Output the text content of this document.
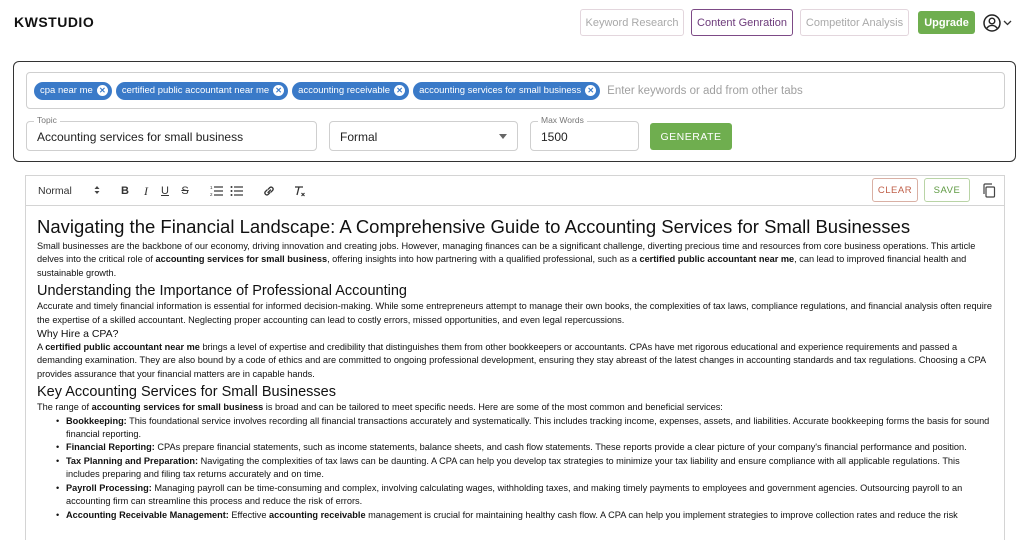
KWSTUDIO	Keyword Research	Content Genration	Competitor Analysis	Upgrade
cpa near me ✕ certified public accountant near me ✕ accounting receivable ✕ accounting services for small business ✕
Enter keywords or add from other tabs
Topic
Accounting services for small business	Formal
Max Words
1500	GENERATE
Normal	B	I	U	S	1
2	CLEAR	SAVE
Navigating the Financial Landscape: A Comprehensive Guide to Accounting Services for Small Businesses

Small businesses are the backbone of our economy, driving innovation and creating jobs. However, managing finances can be a significant challenge, diverting precious time and resources from core business operations. This article delves into the critical role of accounting services for small business, offering insights into how partnering with a qualified professional, such as a certified public accountant near me, can lead to improved financial health and sustainable growth.

Understanding the Importance of Professional Accounting

Accurate and timely financial information is essential for informed decision-making. While some entrepreneurs attempt to manage their own books, the complexities of tax laws, compliance regulations, and financial analysis often require the expertise of a skilled accountant. Neglecting proper accounting can lead to costly errors, missed opportunities, and even legal repercussions.

Why Hire a CPA?

A certified public accountant near me brings a level of expertise and credibility that distinguishes them from other bookkeepers or accountants. CPAs have met rigorous educational and experience requirements and passed a demanding examination. They are also bound by a code of ethics and are committed to ongoing professional development, ensuring they stay abreast of the latest changes in accounting standards and tax regulations. Choosing a CPA provides assurance that your financial matters are in capable hands.

Key Accounting Services for Small Businesses

The range of accounting services for small business is broad and can be tailored to meet specific needs. Here are some of the most common and beneficial services:

• Bookkeeping: This foundational service involves recording all financial transactions accurately and systematically. This includes tracking income, expenses, assets, and liabilities. Accurate bookkeeping forms the basis for sound financial reporting.
• Financial Reporting: CPAs prepare financial statements, such as income statements, balance sheets, and cash flow statements. These reports provide a clear picture of your company's financial performance and position.
• Tax Planning and Preparation: Navigating the complexities of tax laws can be daunting. A CPA can help you develop tax strategies to minimize your tax liability and ensure compliance with all applicable regulations. This includes preparing and filing tax returns accurately and on time.
• Payroll Processing: Managing payroll can be time-consuming and complex, involving calculating wages, withholding taxes, and making timely payments to employees and government agencies. Outsourcing payroll to an accounting firm can streamline this process and reduce the risk of errors.
• Accounting Receivable Management: Effective accounting receivable management is crucial for maintaining healthy cash flow. A CPA can help you implement strategies to improve collection rates and reduce the risk
